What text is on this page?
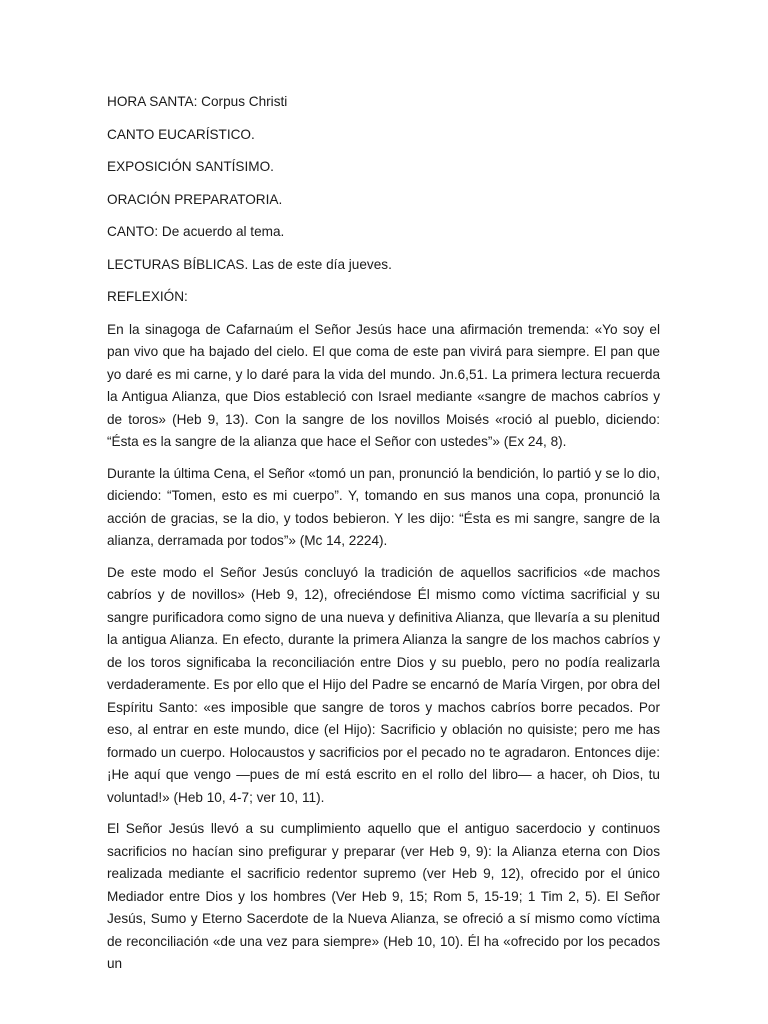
HORA SANTA: Corpus Christi

CANTO EUCARÍSTICO.

EXPOSICIÓN SANTÍSIMO.

ORACIÓN PREPARATORIA.

CANTO: De acuerdo al tema.

LECTURAS BÍBLICAS. Las de este día jueves.

REFLEXIÓN:

En la sinagoga de Cafarnaúm el Señor Jesús hace una afirmación tremenda: «Yo soy el pan vivo que ha bajado del cielo. El que coma de este pan vivirá para siempre. El pan que yo daré es mi carne, y lo daré para la vida del mundo. Jn.6,51. La primera lectura recuerda la Antigua Alianza, que Dios estableció con Israel mediante «sangre de machos cabríos y de toros» (Heb 9, 13). Con la sangre de los novillos Moisés «roció al pueblo, diciendo: “Ésta es la sangre de la alianza que hace el Señor con ustedes”» (Ex 24, 8).

Durante la última Cena, el Señor «tomó un pan, pronunció la bendición, lo partió y se lo dio, diciendo: “Tomen, esto es mi cuerpo”. Y, tomando en sus manos una copa, pronunció la acción de gracias, se la dio, y todos bebieron. Y les dijo: “Ésta es mi sangre, sangre de la alianza, derramada por todos”» (Mc 14, 2224).

De este modo el Señor Jesús concluyó la tradición de aquellos sacrificios «de machos cabríos y de novillos» (Heb 9, 12), ofreciéndose Él mismo como víctima sacrificial y su sangre purificadora como signo de una nueva y definitiva Alianza, que llevaría a su plenitud la antigua Alianza. En efecto, durante la primera Alianza la sangre de los machos cabríos y de los toros significaba la reconciliación entre Dios y su pueblo, pero no podía realizarla verdaderamente. Es por ello que el Hijo del Padre se encarnó de María Virgen, por obra del Espíritu Santo: «es imposible que sangre de toros y machos cabríos borre pecados. Por eso, al entrar en este mundo, dice (el Hijo): Sacrificio y oblación no quisiste; pero me has formado un cuerpo. Holocaustos y sacrificios por el pecado no te agradaron. Entonces dije: ¡He aquí que vengo —pues de mí está escrito en el rollo del libro— a hacer, oh Dios, tu voluntad!» (Heb 10, 4-7; ver 10, 11).

El Señor Jesús llevó a su cumplimiento aquello que el antiguo sacerdocio y continuos sacrificios no hacían sino prefigurar y preparar (ver Heb 9, 9): la Alianza eterna con Dios realizada mediante el sacrificio redentor supremo (ver Heb 9, 12), ofrecido por el único Mediador entre Dios y los hombres (Ver Heb 9, 15; Rom 5, 15-19; 1 Tim 2, 5). El Señor Jesús, Sumo y Eterno Sacerdote de la Nueva Alianza, se ofreció a sí mismo como víctima de reconciliación «de una vez para siempre» (Heb 10, 10). Él ha «ofrecido por los pecados un
